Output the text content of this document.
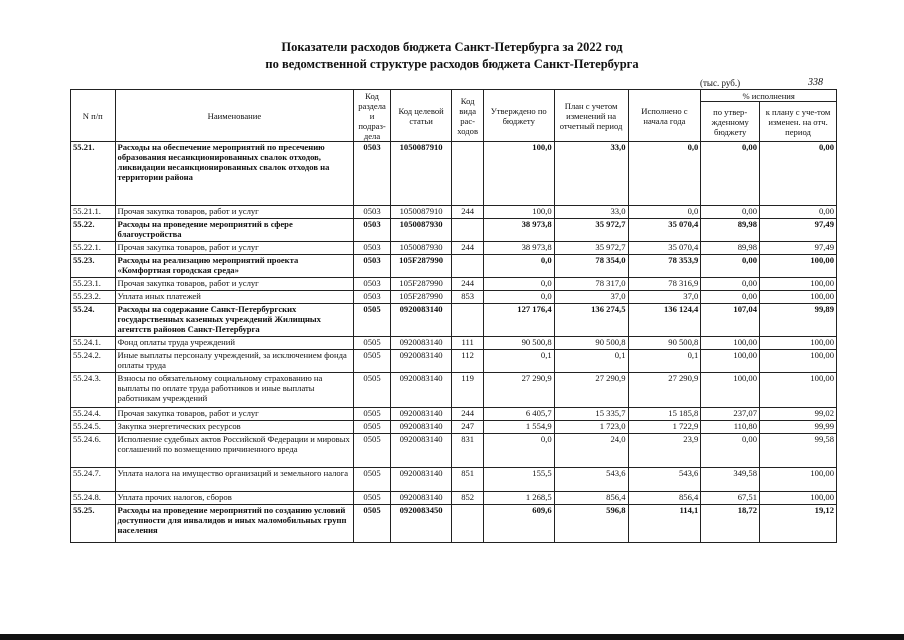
Показатели расходов бюджета Санкт-Петербурга за 2022 год
по ведомственной структуре расходов бюджета Санкт-Петербурга
(тыс. руб.)	338
N п/п	Наименование	Код раздела и подраз-дела	Код целевой статьи	Код вида рас-ходов	Утверждено по бюджету	План с учетом изменений на отчетный период	Исполнено с начала года	% исполнения	
								по утвер-жденному бюджету	к плану с уче-том изменен. на отч. период
55.21.	Расходы на обеспечение мероприятий по пресечению образования несанкционированных свалок отходов, ликвидации несанкционированных свалок отходов на территории района	0503	1050087910		100,0	33,0	0,0	0,00	0,00
55.21.1.	Прочая закупка товаров, работ и услуг	0503	1050087910	244	100,0	33,0	0,0	0,00	0,00
55.22.	Расходы на проведение мероприятий в сфере благоустройства	0503	1050087930		38 973,8	35 972,7	35 070,4	89,98	97,49
55.22.1.	Прочая закупка товаров, работ и услуг	0503	1050087930	244	38 973,8	35 972,7	35 070,4	89,98	97,49
55.23.	Расходы на реализацию мероприятий проекта «Комфортная городская среда»	0503	105F287990		0,0	78 354,0	78 353,9	0,00	100,00
55.23.1.	Прочая закупка товаров, работ и услуг	0503	105F287990	244	0,0	78 317,0	78 316,9	0,00	100,00
55.23.2.	Уплата иных платежей	0503	105F287990	853	0,0	37,0	37,0	0,00	100,00
55.24.	Расходы на содержание Санкт-Петербургских государственных казенных учреждений Жилищных агентств районов Санкт-Петербурга	0505	0920083140		127 176,4	136 274,5	136 124,4	107,04	99,89
55.24.1.	Фонд оплаты труда учреждений	0505	0920083140	111	90 500,8	90 500,8	90 500,8	100,00	100,00
55.24.2.	Иные выплаты персоналу учреждений, за исключением фонда оплаты труда	0505	0920083140	112	0,1	0,1	0,1	100,00	100,00
55.24.3.	Взносы по обязательному социальному страхованию на выплаты по оплате труда работников и иные выплаты работникам учреждений	0505	0920083140	119	27 290,9	27 290,9	27 290,9	100,00	100,00
55.24.4.	Прочая закупка товаров, работ и услуг	0505	0920083140	244	6 405,7	15 335,7	15 185,8	237,07	99,02
55.24.5.	Закупка энергетических ресурсов	0505	0920083140	247	1 554,9	1 723,0	1 722,9	110,80	99,99
55.24.6.	Исполнение судебных актов Российской Федерации и мировых соглашений по возмещению причиненного вреда	0505	0920083140	831	0,0	24,0	23,9	0,00	99,58
55.24.7.	Уплата налога на имущество организаций и земельного налога	0505	0920083140	851	155,5	543,6	543,6	349,58	100,00
55.24.8.	Уплата прочих налогов, сборов	0505	0920083140	852	1 268,5	856,4	856,4	67,51	100,00
55.25.	Расходы на проведение мероприятий по созданию условий доступности для инвалидов и иных маломобильных групп населения	0505	0920083450		609,6	596,8	114,1	18,72	19,12
